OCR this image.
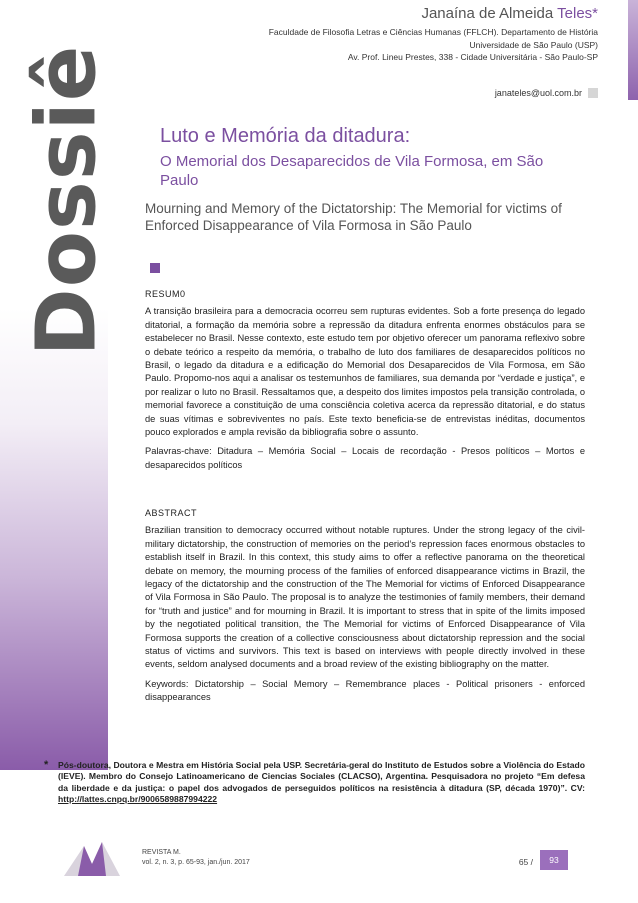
Dossiê
Janaína de Almeida Teles*
Faculdade de Filosofia Letras e Ciências Humanas (FFLCH). Departamento de História
Universidade de São Paulo (USP)
Av. Prof. Lineu Prestes, 338 - Cidade Universitária - São Paulo-SP
janateles@uol.com.br
Luto e Memória da ditadura:
O Memorial dos Desaparecidos de Vila Formosa, em São Paulo
Mourning and Memory of the Dictatorship: The Memorial for victims of Enforced Disappearance of Vila Formosa in São Paulo
RESUM0

A transição brasileira para a democracia ocorreu sem rupturas evidentes. Sob a forte presença do legado ditatorial, a formação da memória sobre a repressão da ditadura enfrenta enormes obstáculos para se estabelecer no Brasil. Nesse contexto, este estudo tem por objetivo oferecer um panorama reflexivo sobre o debate teórico a respeito da memória, o trabalho de luto dos familiares de desaparecidos políticos no Brasil, o legado da ditadura e a edificação do Memorial dos Desaparecidos de Vila Formosa, em São Paulo. Propomo-nos aqui a analisar os testemunhos de familiares, sua demanda por “verdade e justiça”, e por realizar o luto no Brasil. Ressaltamos que, a despeito dos limites impostos pela transição controlada, o memorial favorece a constituição de uma consciência coletiva acerca da repressão ditatorial, e do status de suas vítimas e sobreviventes no país. Este texto beneficia-se de entrevistas inéditas, documentos pouco explorados e ampla revisão da bibliografia sobre o assunto.

Palavras-chave: Ditadura – Memória Social – Locais de recordação - Presos políticos – Mortos e desaparecidos políticos

ABSTRACT

Brazilian transition to democracy occurred without notable ruptures. Under the strong legacy of the civil-military dictatorship, the construction of memories on the period’s repression faces enormous obstacles to establish itself in Brazil. In this context, this study aims to offer a reflective panorama on the theoretical debate on memory, the mourning process of the families of enforced disappearance victims in Brazil, the legacy of the dictatorship and the construction of the The Memorial for victims of Enforced Disappearance of Vila Formosa in São Paulo. The proposal is to analyze the testimonies of family members, their demand for “truth and justice” and for mourning in Brazil. It is important to stress that in spite of the limits imposed by the negotiated political transition, the The Memorial for victims of Enforced Disappearance of Vila Formosa supports the creation of a collective consciousness about dictatorship repression and the social status of victims and survivors. This text is based on interviews with people directly involved in these events, seldom analysed documents and a broad review of the existing bibliography on the matter.

Keywords: Dictatorship – Social Memory – Remembrance places - Political prisoners - enforced disappearances

* Pós-doutora, Doutora e Mestra em História Social pela USP. Secretária-geral do Instituto de Estudos sobre a Violência do Estado (IEVE). Membro do Consejo Latinoamericano de Ciencias Sociales (CLACSO), Argentina. Pesquisadora no projeto “Em defesa da liberdade e da justiça: o papel dos advogados de perseguidos políticos na resistência à ditadura (SP, década 1970)”. CV: http://lattes.cnpq.br/9006589887994222

REVISTA M.
vol. 2, n. 3, p. 65-93, jan./jun. 2017	65 /	93
